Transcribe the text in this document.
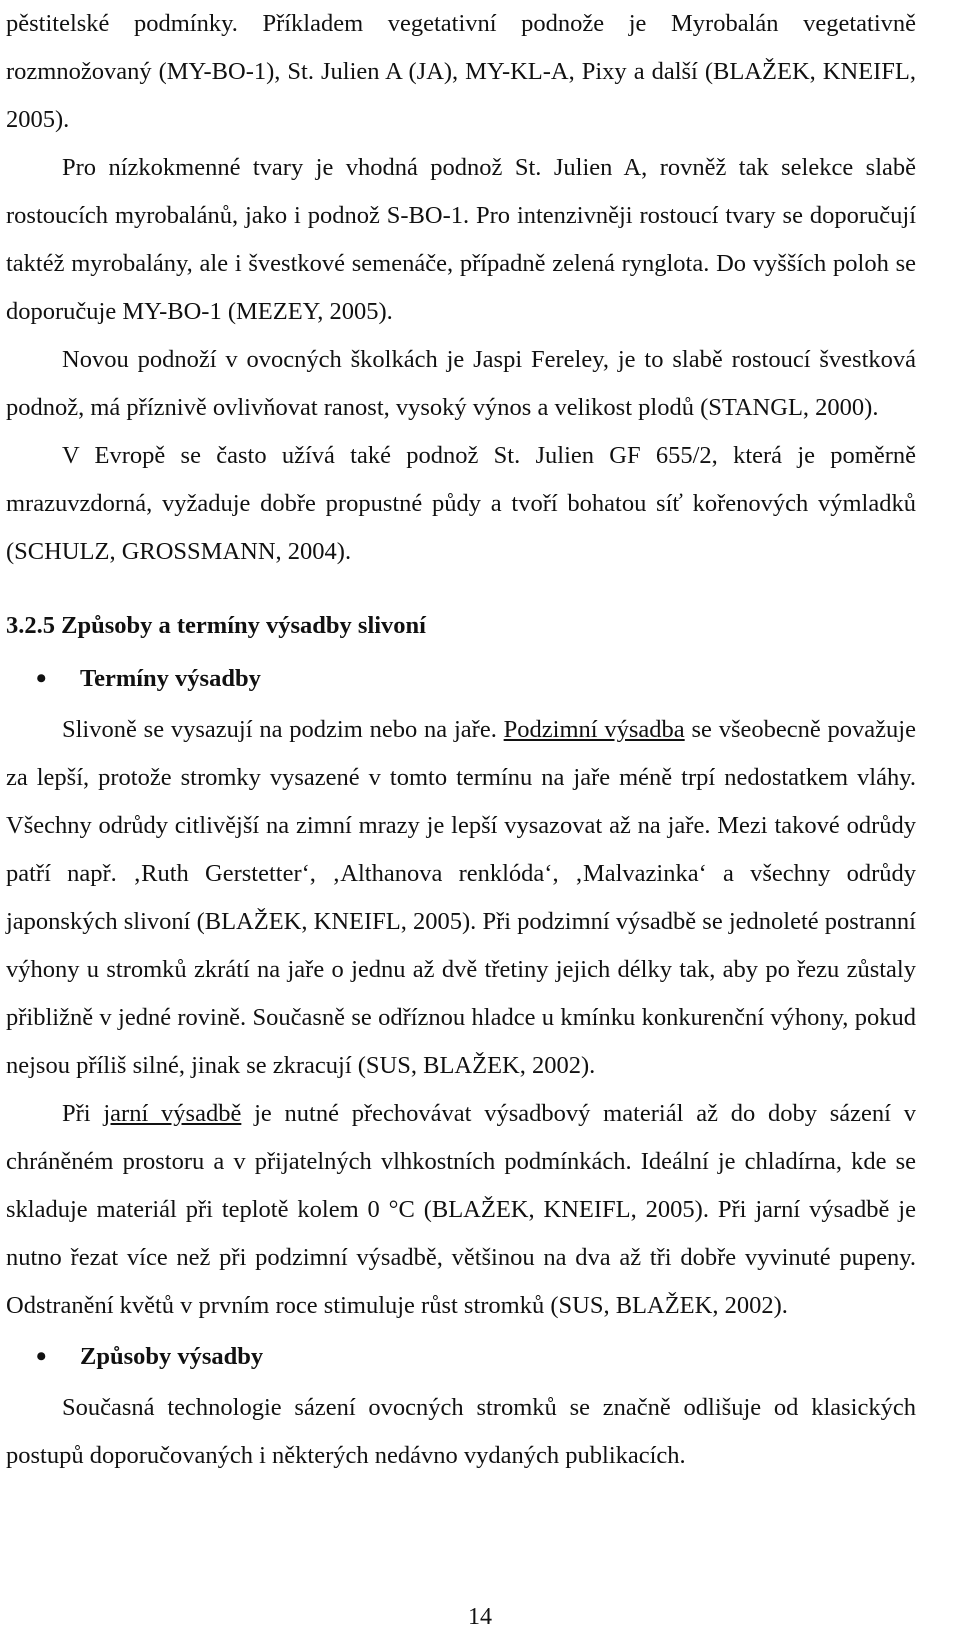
pěstitelské podmínky. Příkladem vegetativní podnože je Myrobalán vegetativně rozmnožovaný (MY-BO-1), St. Julien A (JA), MY-KL-A, Pixy a další (BLAŽEK, KNEIFL, 2005).

Pro nízkokmenné tvary je vhodná podnož St. Julien A, rovněž tak selekce slabě rostoucích myrobalánů, jako i podnož S-BO-1. Pro intenzivněji rostoucí tvary se doporučují taktéž myrobalány, ale i švestkové semenáče, případně zelená rynglota. Do vyšších poloh se doporučuje MY-BO-1 (MEZEY, 2005).

Novou podnoží v ovocných školkách je Jaspi Fereley, je to slabě rostoucí švestková podnož, má příznivě ovlivňovat ranost, vysoký výnos a velikost plodů (STANGL, 2000).

V Evropě se často užívá také podnož St. Julien GF 655/2, která je poměrně mrazuvzdorná, vyžaduje dobře propustné půdy a tvoří bohatou síť kořenových výmladků (SCHULZ, GROSSMANN, 2004).

3.2.5 Způsoby a termíny výsadby slivoní
•	Termíny výsadby

Slivoně se vysazují na podzim nebo na jaře. Podzimní výsadba se všeobecně považuje za lepší, protože stromky vysazené v tomto termínu na jaře méně trpí nedostatkem vláhy. Všechny odrůdy citlivější na zimní mrazy je lepší vysazovat až na jaře. Mezi takové odrůdy patří např. ‚Ruth Gerstetter‘, ‚Althanova renklóda‘, ‚Malvazinka‘ a všechny odrůdy japonských slivoní (BLAŽEK, KNEIFL, 2005). Při podzimní výsadbě se jednoleté postranní výhony u stromků zkrátí na jaře o jednu až dvě třetiny jejich délky tak, aby po řezu zůstaly přibližně v jedné rovině. Současně se odříznou hladce u kmínku konkurenční výhony, pokud nejsou příliš silné, jinak se zkracují (SUS, BLAŽEK, 2002).

Při jarní výsadbě je nutné přechovávat výsadbový materiál až do doby sázení v chráněném prostoru a v přijatelných vlhkostních podmínkách. Ideální je chladírna, kde se skladuje materiál při teplotě kolem 0 °C (BLAŽEK, KNEIFL, 2005). Při jarní výsadbě je nutno řezat více než při podzimní výsadbě, většinou na dva až tři dobře vyvinuté pupeny. Odstranění květů v prvním roce stimuluje růst stromků (SUS, BLAŽEK, 2002).

•	Způsoby výsadby

Současná technologie sázení ovocných stromků se značně odlišuje od klasických postupů doporučovaných i některých nedávno vydaných publikacích.

14
